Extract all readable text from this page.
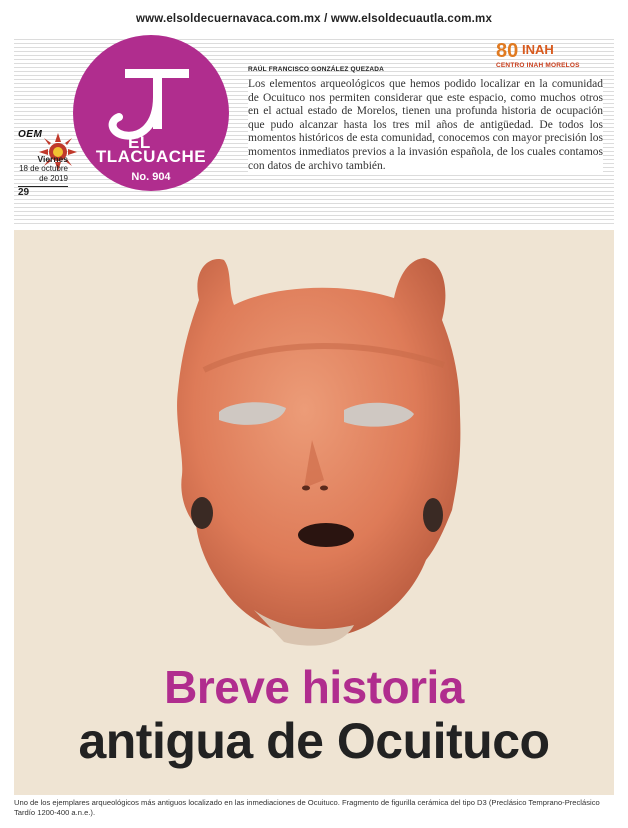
www.elsoldecuernavaca.com.mx / www.elsoldecuautla.com.mx
OEM	EL
TLACUACHE
No. 904
Viernes
18 de octubre de 2019
29
80 INAH
CENTRO INAH MORELOS
RAÚL FRANCISCO GONZÁLEZ QUEZADA
Los elementos arqueológicos que hemos podido localizar en la comunidad de Ocuituco nos permiten considerar que este espacio, como muchos otros en el actual estado de Morelos, tienen una profunda historia de ocupación que pudo alcanzar hasta los tres mil años de antigüedad. De todos los momentos históricos de esta comunidad, conocemos con mayor precisión los momentos inmediatos previos a la invasión española, de los cuales contamos con datos de archivo también.
Breve historia
antigua de Ocuituco
Uno de los ejemplares arqueológicos más antiguos localizado en las inmediaciones de Ocuituco. Fragmento de figurilla cerámica del tipo D3 (Preclásico Temprano-Preclásico Tardío 1200-400 a.n.e.).
